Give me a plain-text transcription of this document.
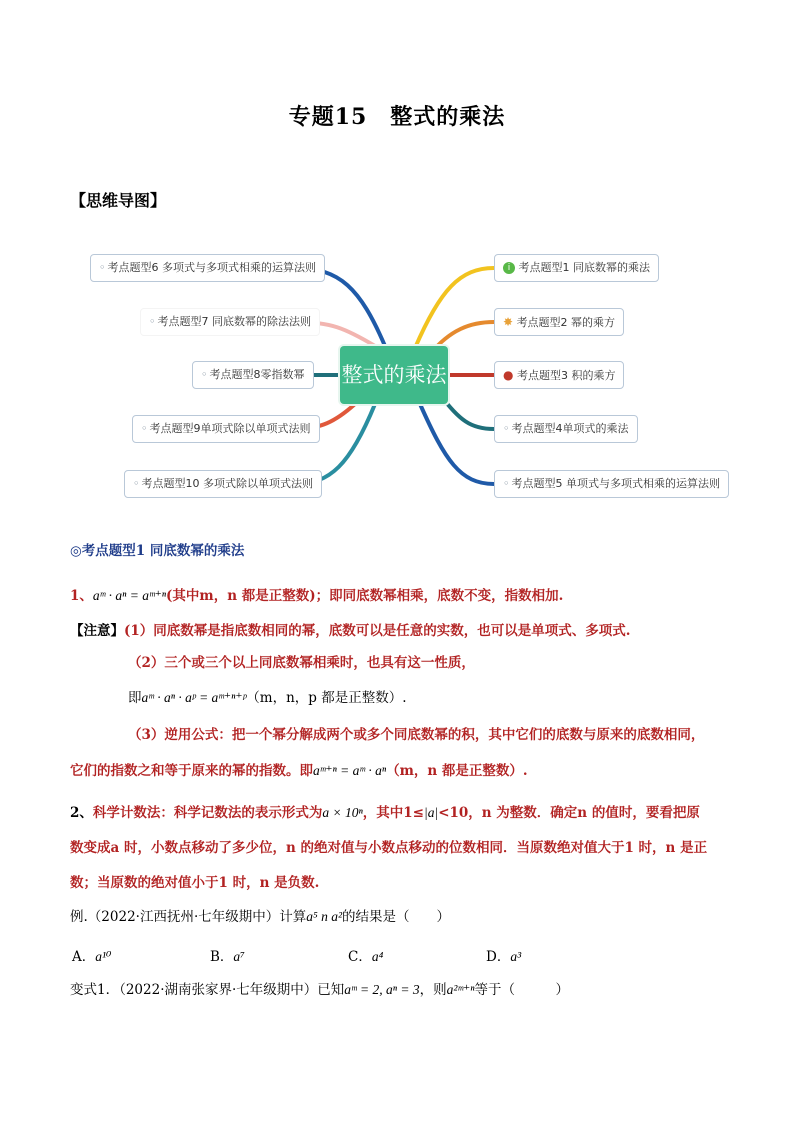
专题15　整式的乘法
【思维导图】
整式的乘法
i 考点题型1 同底数幂的乘法
✸ 考点题型2 幂的乘方
● 考点题型3 积的乘方
◦ 考点题型4单项式的乘法
◦ 考点题型5 单项式与多项式相乘的运算法则
◦ 考点题型6 多项式与多项式相乘的运算法则
◦ 考点题型7 同底数幂的除法法则
◦ 考点题型8零指数幂
◦ 考点题型9单项式除以单项式法则
◦ 考点题型10 多项式除以单项式法则
◎考点题型1 同底数幂的乘法
1、aᵐ · aⁿ = aᵐ⁺ⁿ(其中m，n 都是正整数)；即同底数幂相乘，底数不变，指数相加.
【注意】(1）同底数幂是指底数相同的幂，底数可以是任意的实数，也可以是单项式、多项式.
（2）三个或三个以上同底数幂相乘时，也具有这一性质，
即aᵐ · aⁿ · aᵖ = aᵐ⁺ⁿ⁺ᵖ（m，n，p 都是正整数）.
（3）逆用公式：把一个幂分解成两个或多个同底数幂的积，其中它们的底数与原来的底数相同，
它们的指数之和等于原来的幂的指数。即aᵐ⁺ⁿ = aᵐ · aⁿ（m，n 都是正整数）.
2、科学计数法：科学记数法的表示形式为a × 10ⁿ，其中1≤|a|<10，n 为整数．确定n 的值时，要看把原
数变成a 时，小数点移动了多少位，n 的绝对值与小数点移动的位数相同．当原数绝对值大于1 时，n 是正
数；当原数的绝对值小于1 时，n 是负数.
例.（2022·江西抚州·七年级期中）计算a⁵ n a²的结果是（　　）
A．a¹⁰	B．a⁷	C．a⁴	D．a³
变式1．（2022·湖南张家界·七年级期中）已知aᵐ = 2, aⁿ = 3，则a²ᵐ⁺ⁿ等于（　　　）
